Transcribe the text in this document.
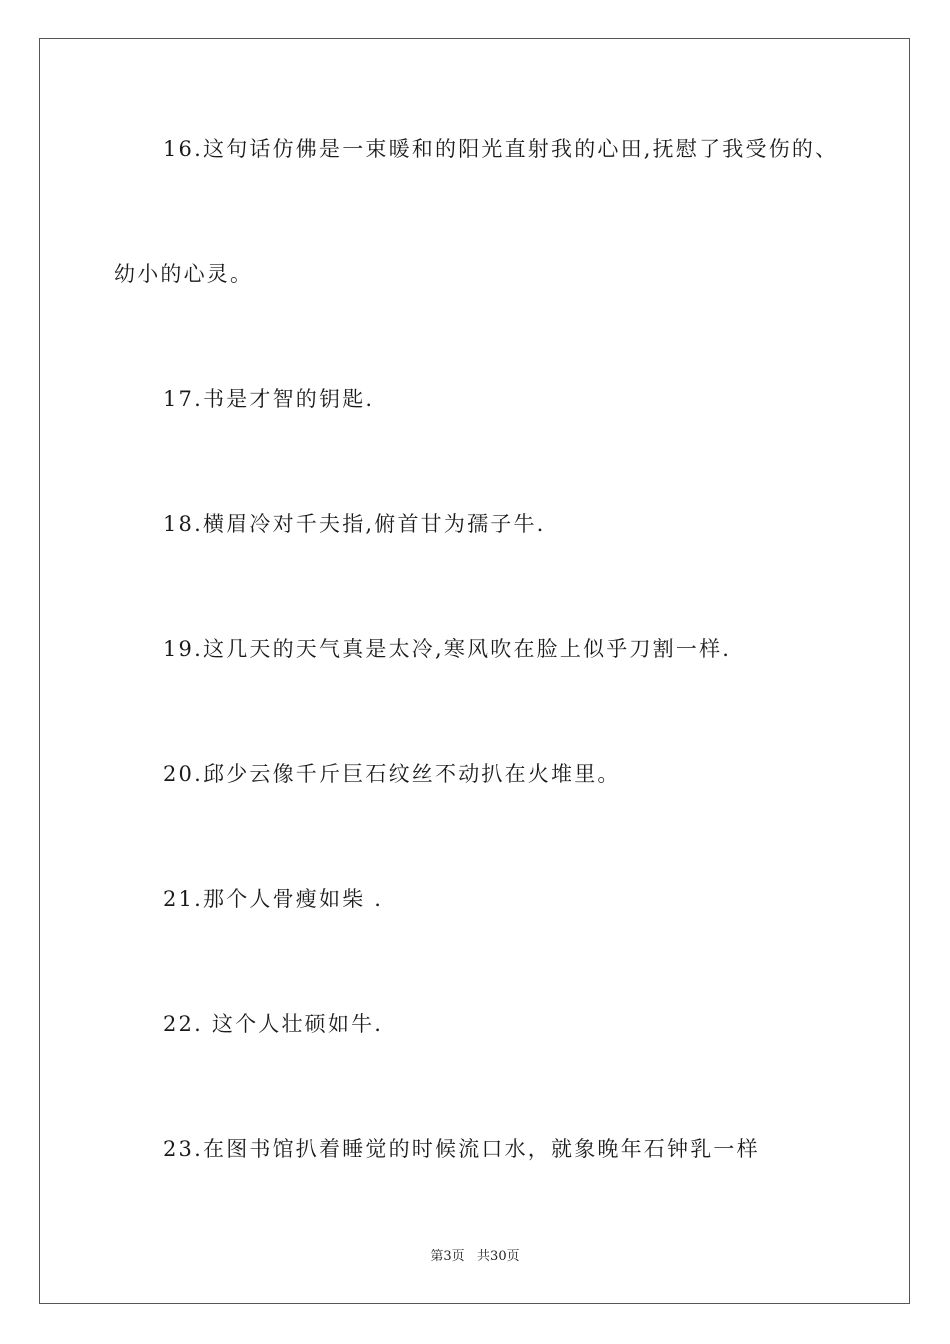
16.这句话仿佛是一束暖和的阳光直射我的心田,抚慰了我受伤的、
幼小的心灵。
17.书是才智的钥匙.
18.横眉冷对千夫指,俯首甘为孺子牛.
19.这几天的天气真是太冷,寒风吹在脸上似乎刀割一样.
20.邱少云像千斤巨石纹丝不动扒在火堆里。
21.那个人骨瘦如柴 .
22. 这个人壮硕如牛.
23.在图书馆扒着睡觉的时候流口水，就象晚年石钟乳一样
第3页   共30页
